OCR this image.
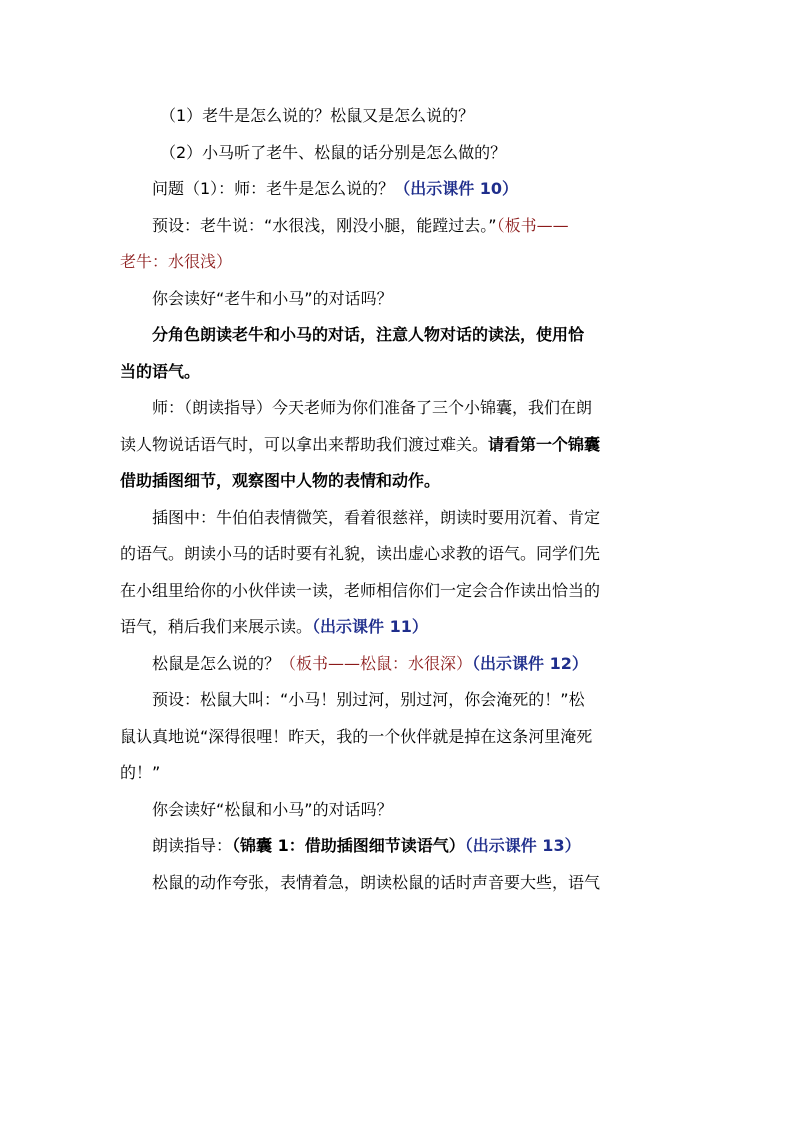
（1）老牛是怎么说的？松鼠又是怎么说的？
（2）小马听了老牛、松鼠的话分别是怎么做的？
问题（1）：师：老牛是怎么说的？（出示课件 10）
预设：老牛说：“水很浅，刚没小腿，能蹚过去。”（板书——
老牛：水很浅）
你会读好“老牛和小马”的对话吗？
分角色朗读老牛和小马的对话，注意人物对话的读法，使用恰
当的语气。
师：（朗读指导）今天老师为你们准备了三个小锦囊，我们在朗
读人物说话语气时，可以拿出来帮助我们渡过难关。请看第一个锦囊
借助插图细节，观察图中人物的表情和动作。
插图中：牛伯伯表情微笑，看着很慈祥，朗读时要用沉着、肯定
的语气。朗读小马的话时要有礼貌，读出虚心求教的语气。同学们先
在小组里给你的小伙伴读一读，老师相信你们一定会合作读出恰当的
语气，稍后我们来展示读。（出示课件 11）
松鼠是怎么说的？（板书——松鼠：水很深）（出示课件 12）
预设：松鼠大叫：“小马！别过河，别过河，你会淹死的！”松
鼠认真地说“深得很哩！昨天，我的一个伙伴就是掉在这条河里淹死
的！”
你会读好“松鼠和小马”的对话吗？
朗读指导：（锦囊 1：借助插图细节读语气）（出示课件 13）
松鼠的动作夸张，表情着急，朗读松鼠的话时声音要大些，语气
